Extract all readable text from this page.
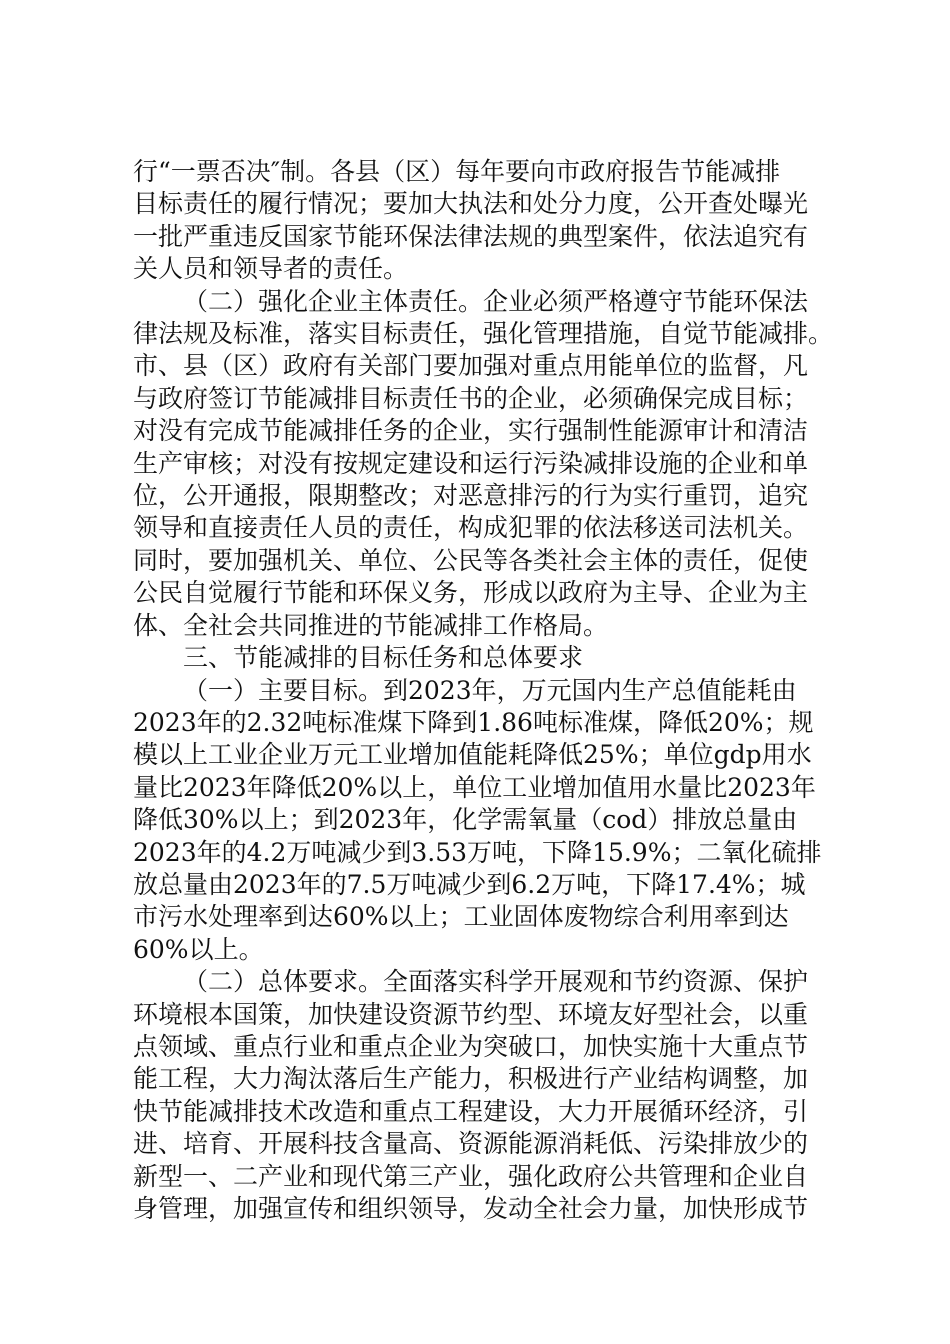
行“一票否决″制。各县（区）每年要向市政府报告节能减排
目标责任的履行情况；要加大执法和处分力度，公开查处曝光
一批严重违反国家节能环保法律法规的典型案件，依法追究有
关人员和领导者的责任。

（二）强化企业主体责任。企业必须严格遵守节能环保法
律法规及标准，落实目标责任，强化管理措施，自觉节能减排。
市、县（区）政府有关部门要加强对重点用能单位的监督，凡
与政府签订节能减排目标责任书的企业，必须确保完成目标；
对没有完成节能减排任务的企业，实行强制性能源审计和清洁
生产审核；对没有按规定建设和运行污染减排设施的企业和单
位，公开通报，限期整改；对恶意排污的行为实行重罚，追究
领导和直接责任人员的责任，构成犯罪的依法移送司法机关。
同时，要加强机关、单位、公民等各类社会主体的责任，促使
公民自觉履行节能和环保义务，形成以政府为主导、企业为主
体、全社会共同推进的节能减排工作格局。

三、节能减排的目标任务和总体要求

（一）主要目标。到2023年，万元国内生产总值能耗由
2023年的2.32吨标准煤下降到1.86吨标准煤，降低20%；规
模以上工业企业万元工业增加值能耗降低25%；单位gdp用水
量比2023年降低20%以上，单位工业增加值用水量比2023年
降低30%以上；到2023年，化学需氧量（cod）排放总量由
2023年的4.2万吨减少到3.53万吨，下降15.9%；二氧化硫排
放总量由2023年的7.5万吨减少到6.2万吨，下降17.4%；城
市污水处理率到达60%以上；工业固体废物综合利用率到达
60%以上。

（二）总体要求。全面落实科学开展观和节约资源、保护
环境根本国策，加快建设资源节约型、环境友好型社会，以重
点领域、重点行业和重点企业为突破口，加快实施十大重点节
能工程，大力淘汰落后生产能力，积极进行产业结构调整，加
快节能减排技术改造和重点工程建设，大力开展循环经济，引
进、培育、开展科技含量高、资源能源消耗低、污染排放少的
新型一、二产业和现代第三产业，强化政府公共管理和企业自
身管理，加强宣传和组织领导，发动全社会力量，加快形成节
